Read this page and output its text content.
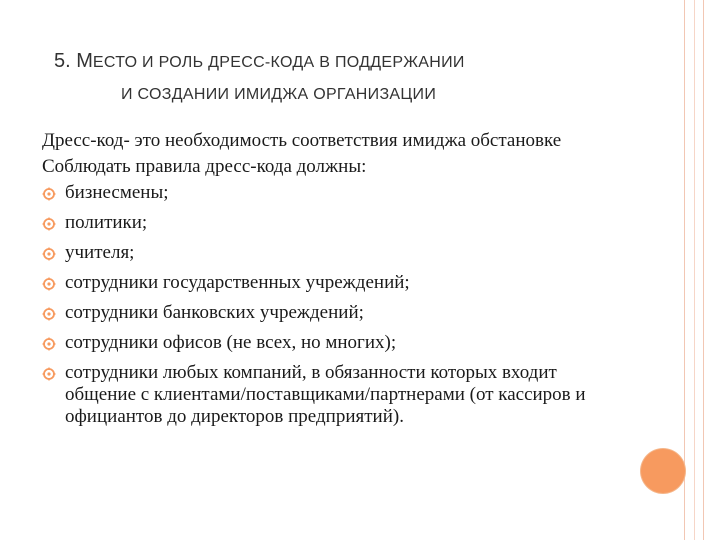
5. МЕСТО И РОЛЬ ДРЕСС-КОДА В ПОДДЕРЖАНИИ
И СОЗДАНИИ ИМИДЖА ОРГАНИЗАЦИИ

Дресс-код- это необходимость соответствия имиджа обстановке

Соблюдать правила дресс-кода должны:

бизнесмены;
политики;
учителя;
сотрудники государственных учреждений;
сотрудники банковских учреждений;
сотрудники офисов (не всех, но многих);
сотрудники любых компаний, в обязанности которых входит общение с клиентами/поставщиками/партнерами (от кассиров и официантов до директоров предприятий).
